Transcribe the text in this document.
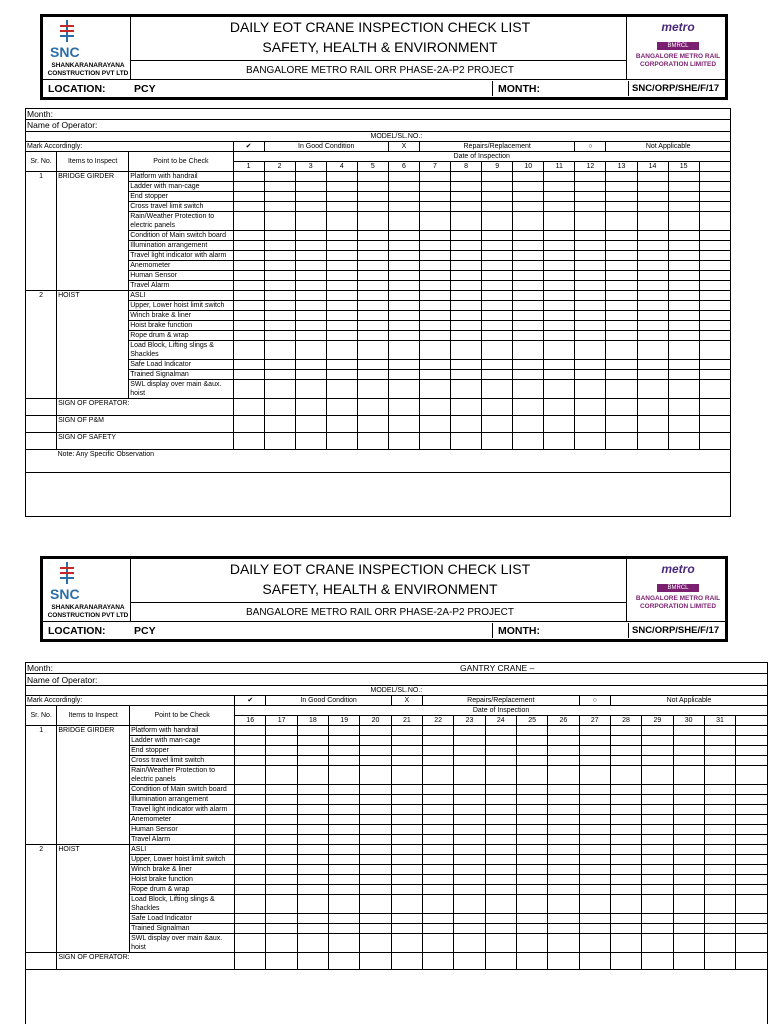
SNC
SHANKARANARAYANA CONSTRUCTION PVT LTD
DAILY EOT CRANE INSPECTION CHECK LIST
SAFETY, HEALTH & ENVIRONMENT
BANGALORE METRO RAIL ORR PHASE-2A-P2 PROJECT
metro
BMRCL
BANGALORE METRO RAIL CORPORATION LIMITED
LOCATION:	PCY	MONTH:	SNC/ORP/SHE/F/17
Month:
Name of Operator:
MODEL/SL.NO.:																		
Mark Accordingly:			✔	In Good Condition				X	Repairs/Replacement					○	Not Applicable			
Sr. No.	Items to Inspect	Point to be Check	Date of Inspection															
			1	2	3	4	5	6	7	8	9	10	11	12	13	14	15	
1	BRIDGE GIRDER	Platform with handrail																
		Ladder with man-cage																
		End stopper																
		Cross travel limit switch																
		Rain/Weather Protection to electric panels																
		Condition of Main switch board																
		Illumination arrangement																
		Travel light indicator with alarm																
		Anemometer																
		Human Sensor																
		Travel Alarm																
2	HOIST	ASLI																
		Upper, Lower hoist limit switch																
		Winch brake & liner																
		Hoist brake function																
		Rope drum & wrap																
		Load Block, Lifting slings & Shackles																
		Safe Load Indicator																
		Trained Signalman																
		SWL display over main &aux. hoist																
	SIGN OF OPERATOR:																	
	SIGN OF P&M																	
	SIGN OF SAFETY																	
	Note: Any Specific Observation																	
SNC
SHANKARANARAYANA CONSTRUCTION PVT LTD
DAILY EOT CRANE INSPECTION CHECK LIST
SAFETY, HEALTH & ENVIRONMENT
BANGALORE METRO RAIL ORR PHASE-2A-P2 PROJECT
metro
BMRCL
BANGALORE METRO RAIL CORPORATION LIMITED
LOCATION:	PCY	MONTH:	SNC/ORP/SHE/F/17
Month:	GANTRY CRANE –
Name of Operator:
MODEL/SL.NO.:																			
Mark Accordingly:			✔	In Good Condition				X	Repairs/Replacement					○	Not Applicable				
Sr. No.	Items to Inspect	Point to be Check	Date of Inspection																
			16	17	18	19	20	21	22	23	24	25	26	27	28	29	30	31	
1	BRIDGE GIRDER	Platform with handrail																	
		Ladder with man-cage																	
		End stopper																	
		Cross travel limit switch																	
		Rain/Weather Protection to electric panels																	
		Condition of Main switch board																	
		Illumination arrangement																	
		Travel light indicator with alarm																	
		Anemometer																	
		Human Sensor																	
		Travel Alarm																	
2	HOIST	ASLI																	
		Upper, Lower hoist limit switch																	
		Winch brake & liner																	
		Hoist brake function																	
		Rope drum & wrap																	
		Load Block, Lifting slings & Shackles																	
		Safe Load Indicator																	
		Trained Signalman																	
		SWL display over main &aux. hoist																	
	SIGN OF OPERATOR:																		
